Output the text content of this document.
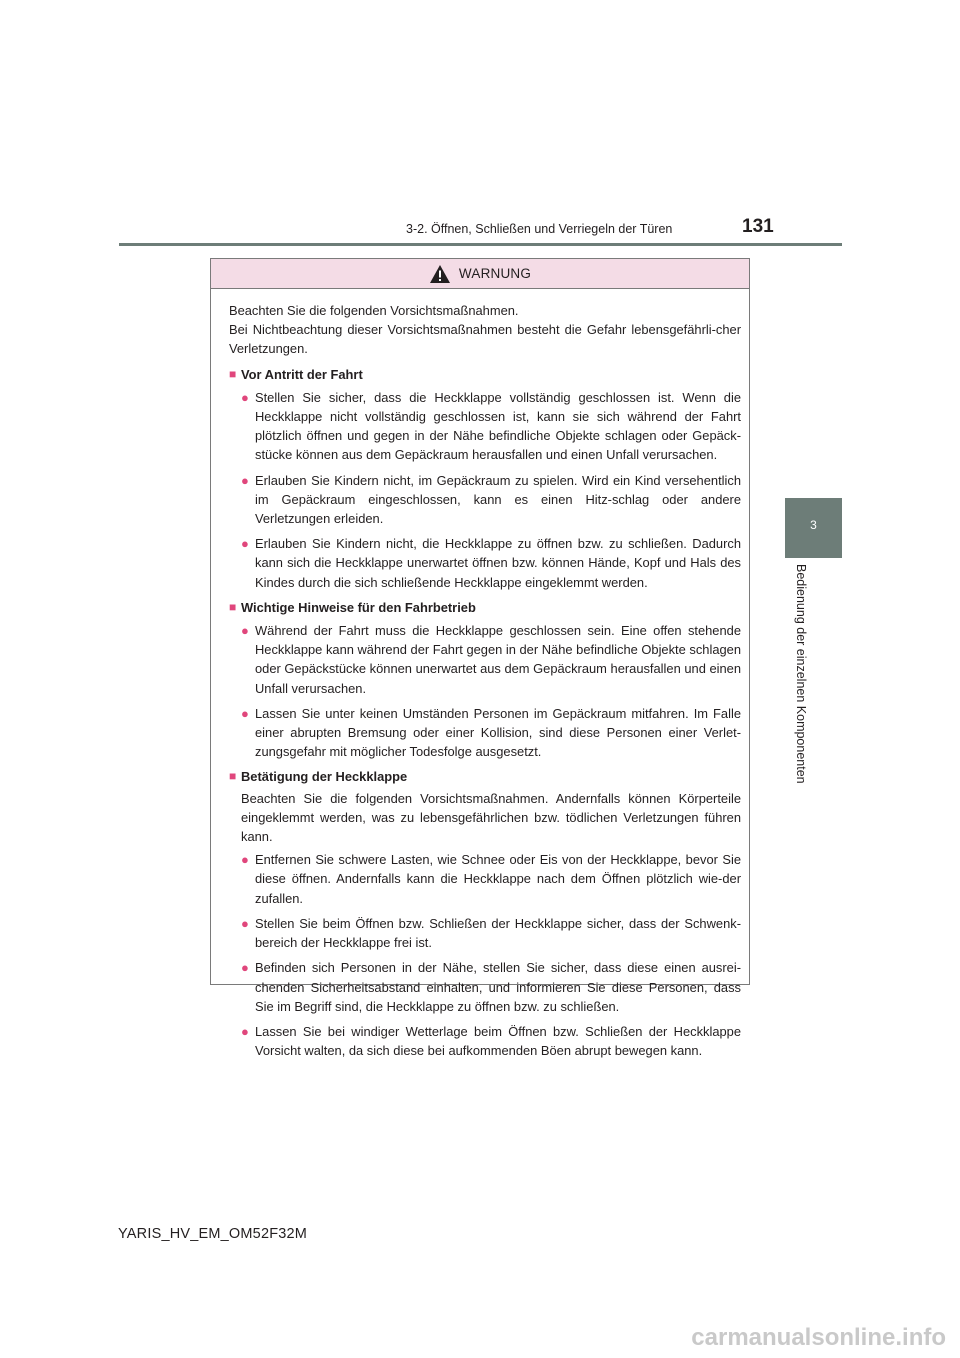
3-2. Öffnen, Schließen und Verriegeln der Türen	131
3
Bedienung der einzelnen Komponenten
WARNUNG
Beachten Sie die folgenden Vorsichtsmaßnahmen.
Bei Nichtbeachtung dieser Vorsichtsmaßnahmen besteht die Gefahr lebensgefährli-cher Verletzungen.
■ Vor Antritt der Fahrt
● Stellen Sie sicher, dass die Heckklappe vollständig geschlossen ist. Wenn die Heckklappe nicht vollständig geschlossen ist, kann sie sich während der Fahrt plötzlich öffnen und gegen in der Nähe befindliche Objekte schlagen oder Gepäck-stücke können aus dem Gepäckraum herausfallen und einen Unfall verursachen.
● Erlauben Sie Kindern nicht, im Gepäckraum zu spielen. Wird ein Kind versehentlich im Gepäckraum eingeschlossen, kann es einen Hitz-schlag oder andere Verletzungen erleiden.
● Erlauben Sie Kindern nicht, die Heckklappe zu öffnen bzw. zu schließen. Dadurch kann sich die Heckklappe unerwartet öffnen bzw. können Hände, Kopf und Hals des Kindes durch die sich schließende Heckklappe eingeklemmt werden.
■ Wichtige Hinweise für den Fahrbetrieb
● Während der Fahrt muss die Heckklappe geschlossen sein. Eine offen stehende Heckklappe kann während der Fahrt gegen in der Nähe befindliche Objekte schlagen oder Gepäckstücke können unerwartet aus dem Gepäckraum herausfallen und einen Unfall verursachen.
● Lassen Sie unter keinen Umständen Personen im Gepäckraum mitfahren. Im Falle einer abrupten Bremsung oder einer Kollision, sind diese Personen einer Verlet-zungsgefahr mit möglicher Todesfolge ausgesetzt.
■ Betätigung der Heckklappe
Beachten Sie die folgenden Vorsichtsmaßnahmen. Andernfalls können Körperteile eingeklemmt werden, was zu lebensgefährlichen bzw. tödlichen Verletzungen führen kann.
● Entfernen Sie schwere Lasten, wie Schnee oder Eis von der Heckklappe, bevor Sie diese öffnen. Andernfalls kann die Heckklappe nach dem Öffnen plötzlich wie-der zufallen.
● Stellen Sie beim Öffnen bzw. Schließen der Heckklappe sicher, dass der Schwenk-bereich der Heckklappe frei ist.
● Befinden sich Personen in der Nähe, stellen Sie sicher, dass diese einen ausrei-chenden Sicherheitsabstand einhalten, und informieren Sie diese Personen, dass Sie im Begriff sind, die Heckklappe zu öffnen bzw. zu schließen.
● Lassen Sie bei windiger Wetterlage beim Öffnen bzw. Schließen der Heckklappe Vorsicht walten, da sich diese bei aufkommenden Böen abrupt bewegen kann.
YARIS_HV_EM_OM52F32M
carmanualsonline.info
